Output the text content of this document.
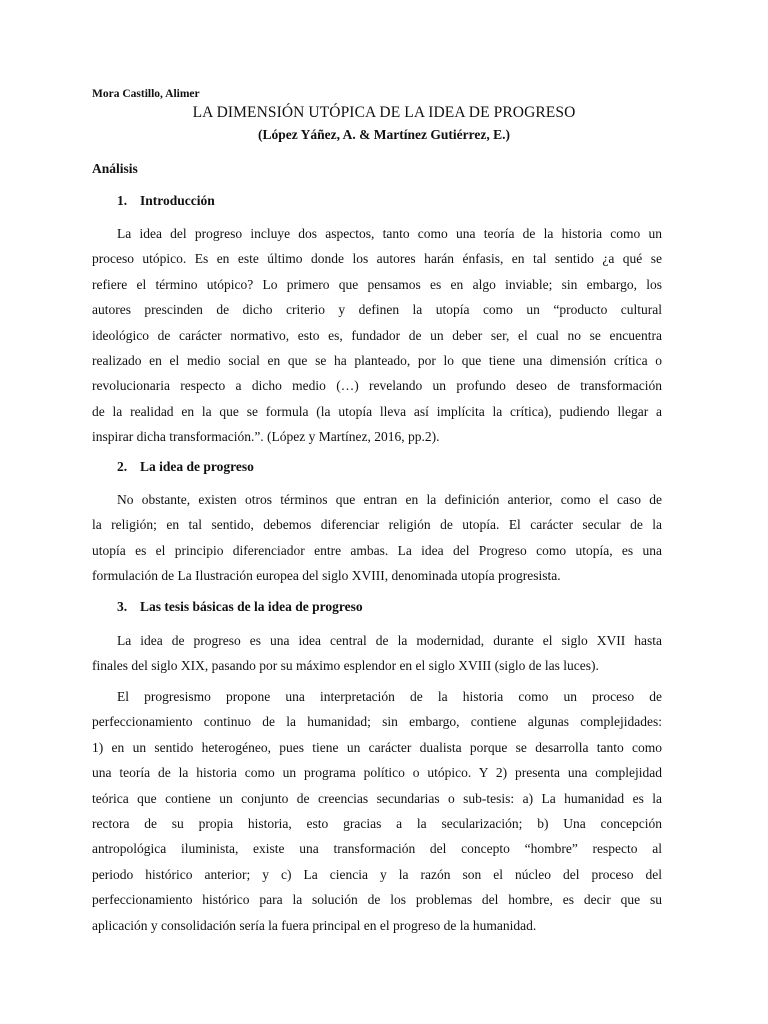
Mora Castillo, Alimer
LA DIMENSIÓN UTÓPICA DE LA IDEA DE PROGRESO
(López Yáñez, A. & Martínez Gutiérrez, E.)
Análisis
1. Introducción
La idea del progreso incluye dos aspectos, tanto como una teoría de la historia como un
proceso utópico. Es en este último donde los autores harán énfasis, en tal sentido ¿a qué se
refiere el término utópico? Lo primero que pensamos es en algo inviable; sin embargo, los
autores prescinden de dicho criterio y definen la utopía como un “producto cultural
ideológico de carácter normativo, esto es, fundador de un deber ser, el cual no se encuentra
realizado en el medio social en que se ha planteado, por lo que tiene una dimensión crítica o
revolucionaria respecto a dicho medio (…) revelando un profundo deseo de transformación
de la realidad en la que se formula (la utopía lleva así implícita la crítica), pudiendo llegar a
inspirar dicha transformación.”. (López y Martínez, 2016, pp.2).
2. La idea de progreso
No obstante, existen otros términos que entran en la definición anterior, como el caso de
la religión; en tal sentido, debemos diferenciar religión de utopía. El carácter secular de la
utopía es el principio diferenciador entre ambas. La idea del Progreso como utopía, es una
formulación de La Ilustración europea del siglo XVIII, denominada utopía progresista.
3. Las tesis básicas de la idea de progreso
La idea de progreso es una idea central de la modernidad, durante el siglo XVII hasta
finales del siglo XIX, pasando por su máximo esplendor en el siglo XVIII (siglo de las luces).
El progresismo propone una interpretación de la historia como un proceso de
perfeccionamiento continuo de la humanidad; sin embargo, contiene algunas complejidades:
1) en un sentido heterogéneo, pues tiene un carácter dualista porque se desarrolla tanto como
una teoría de la historia como un programa político o utópico. Y 2) presenta una complejidad
teórica que contiene un conjunto de creencias secundarias o sub-tesis: a) La humanidad es la
rectora de su propia historia, esto gracias a la secularización; b) Una concepción
antropológica iluminista, existe una transformación del concepto “hombre” respecto al
periodo histórico anterior; y c) La ciencia y la razón son el núcleo del proceso del
perfeccionamiento histórico para la solución de los problemas del hombre, es decir que su
aplicación y consolidación sería la fuera principal en el progreso de la humanidad.
